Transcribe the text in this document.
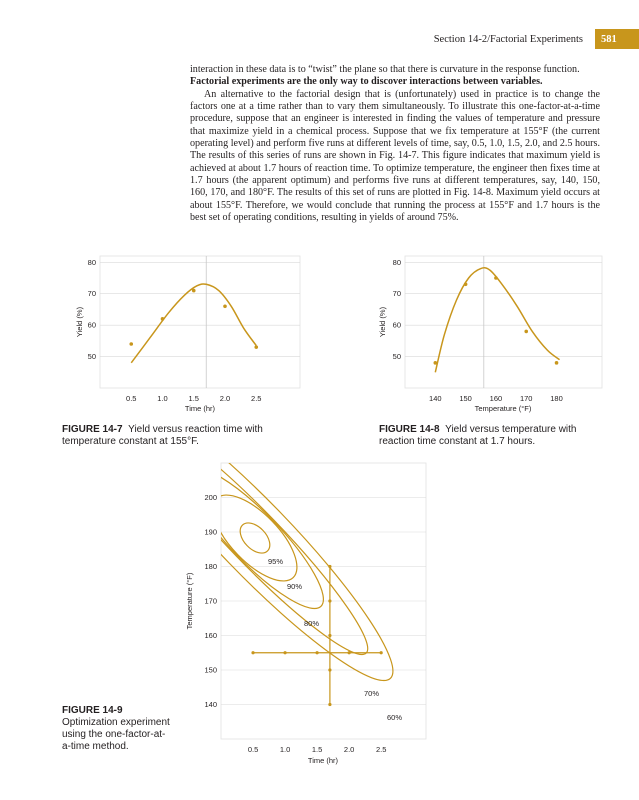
Section 14-2/Factorial Experiments	581

interaction in these data is to “twist” the plane so that there is curvature in the response function.

Factorial experiments are the only way to discover interactions between variables.

An alternative to the factorial design that is (unfortunately) used in practice is to change the factors one at a time rather than to vary them simultaneously. To illustrate this one-factor-at-a-time procedure, suppose that an engineer is interested in finding the values of temperature and pressure that maximize yield in a chemical process. Suppose that we fix temperature at 155°F (the current operating level) and perform five runs at different levels of time, say, 0.5, 1.0, 1.5, 2.0, and 2.5 hours. The results of this series of runs are shown in Fig. 14-7. This figure indicates that maximum yield is achieved at about 1.7 hours of reaction time. To optimize temperature, the engineer then fixes time at 1.7 hours (the apparent optimum) and performs five runs at different temperatures, say, 140, 150, 160, 170, and 180°F. The results of this set of runs are plotted in Fig. 14-8. Maximum yield occurs at about 155°F. Therefore, we would conclude that running the process at 155°F and 1.7 hours is the best set of operating conditions, resulting in yields of around 75%.

0.5	1.0	1.5	2.0	2.5
50
60
70
80
Time (hr)
Yield (%)
FIGURE 14-7 Yield versus reaction time with temperature constant at 155°F.
140 150 160 170 180
50
60
70
80
Temperature (°F)
Yield (%)
FIGURE 14-8 Yield versus temperature with reaction time constant at 1.7 hours.
95%
90%
80%
70%
60%
0.5	1.0	1.5	2.0	2.5
140
150
160
170
180
190
200
Time (hr)
Temperature (°F)
FIGURE 14-9
Optimization experiment using the one-factor-at-a-time method.
